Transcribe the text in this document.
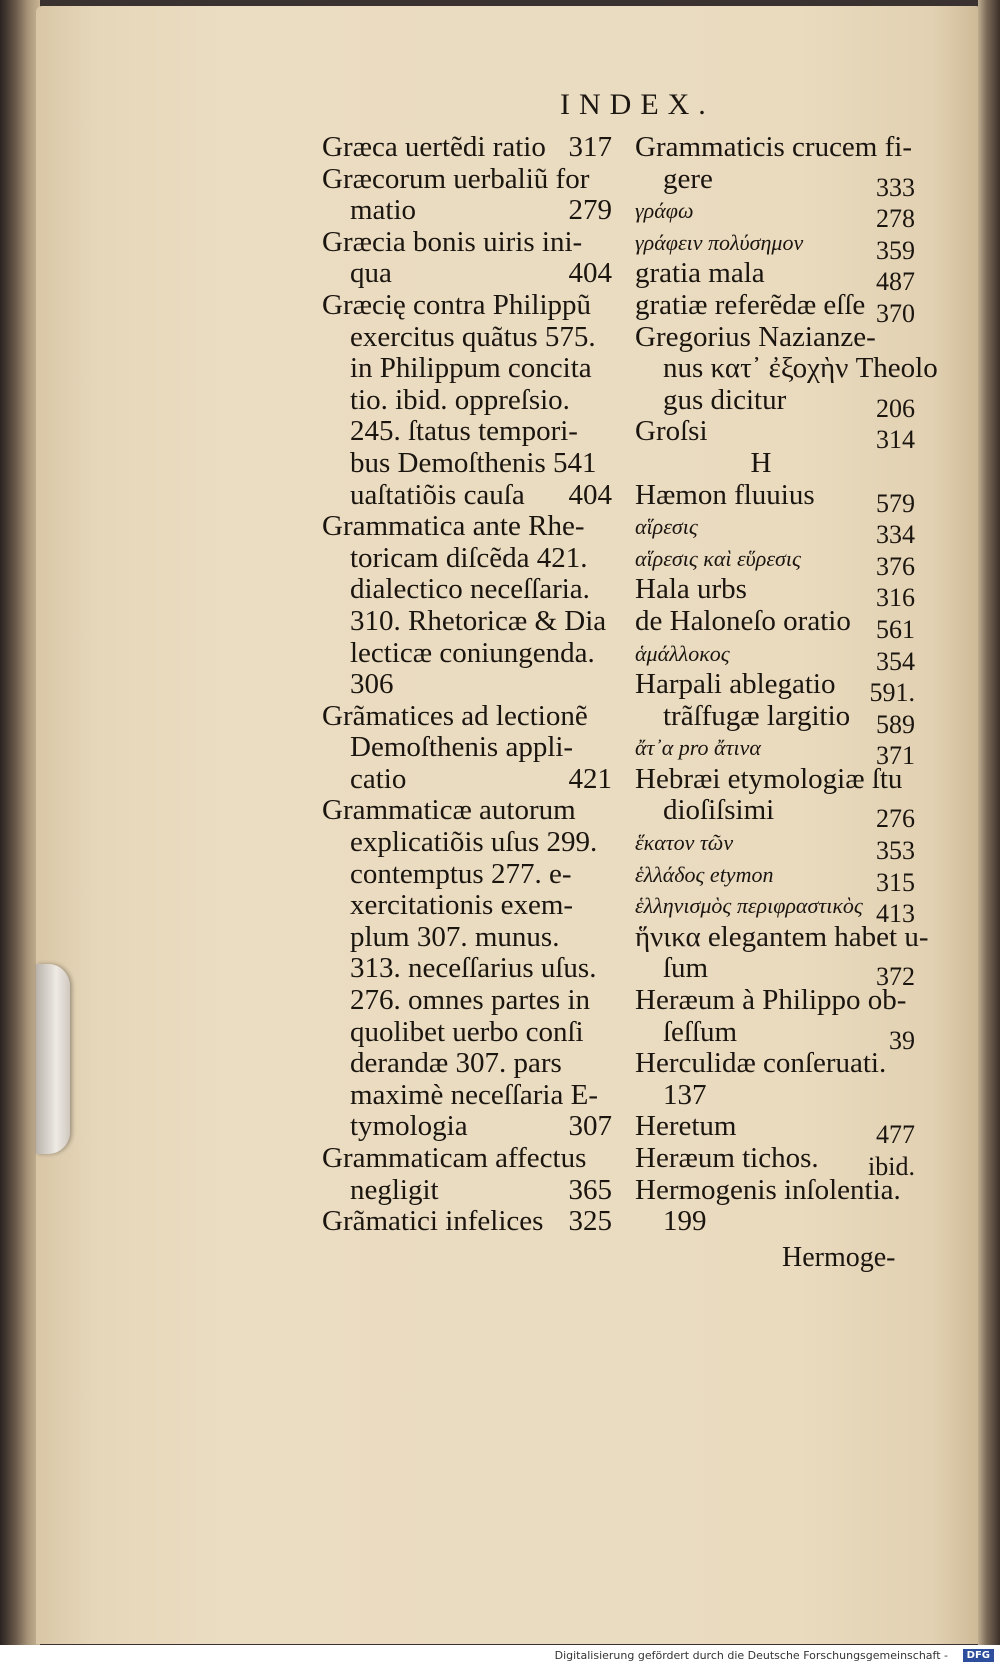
INDEX.
Græca uertẽdi ratio 317
Græcorum uerbaliũ for
matio	279
Græcia bonis uiris ini-
qua	404
Græcię contra Philippũ
exercitus quãtus 575.
in Philippum concita
tio. ibid. oppreſsio.
245. ſtatus tempori-
bus Demoſthenis 541
uaſtatiõis cauſa 404
Grammatica ante Rhe-
toricam diſcẽda 421.
dialectico neceſſaria.
310. Rhetoricæ & Dia
lecticæ coniungenda.
306
Grãmatices ad lectionẽ
Demoſthenis appli-
catio	421
Grammaticæ autorum
explicatiõis uſus 299.
contemptus 277. e-
xercitationis exem-
plum 307. munus.
313. neceſſarius uſus.
276. omnes partes in
quolibet uerbo conſi
derandæ 307. pars
maximè neceſſaria E-
tymologia	307
Grammaticam affectus
negligit	365
Grãmatici infelices 325
Grammaticis crucem fi-
gere	333
γράφω	278
γράφειν πολύσημον	359
gratia mala	487
gratiæ referẽdæ eſſe 370
Gregorius Nazianze-
nus κατ᾽ ἐξοχὴν Theolo
gus dicitur	206
Groſsi	314
H
Hæmon fluuius 579
αἵρεσις	334
αἵρεσις καὶ εὕρεσις	376
Hala urbs	316
de Haloneſo oratio 561
ἁμάλλοκος	354
Harpali ablegatio 591.
trãſfugæ largitio 589
ἄτ᾽α pro ἄτινα	371
Hebræi etymologiæ ſtu
dioſiſsimi	276
ἕκατον τῶν	353
ἑλλάδος etymon	315
ἑλληνισμὸς περιφραστικὸς 413
ἥνικα elegantem habet u-
ſum	372
Heræum à Philippo ob-
ſeſſum	39
Herculidæ conſeruati.
137
Heretum	477
Heræum tichos. ibid.
Hermogenis inſolentia.
199
Hermoge-
Digitalisierung gefördert durch die Deutsche Forschungsgemeinschaft -	DFG
